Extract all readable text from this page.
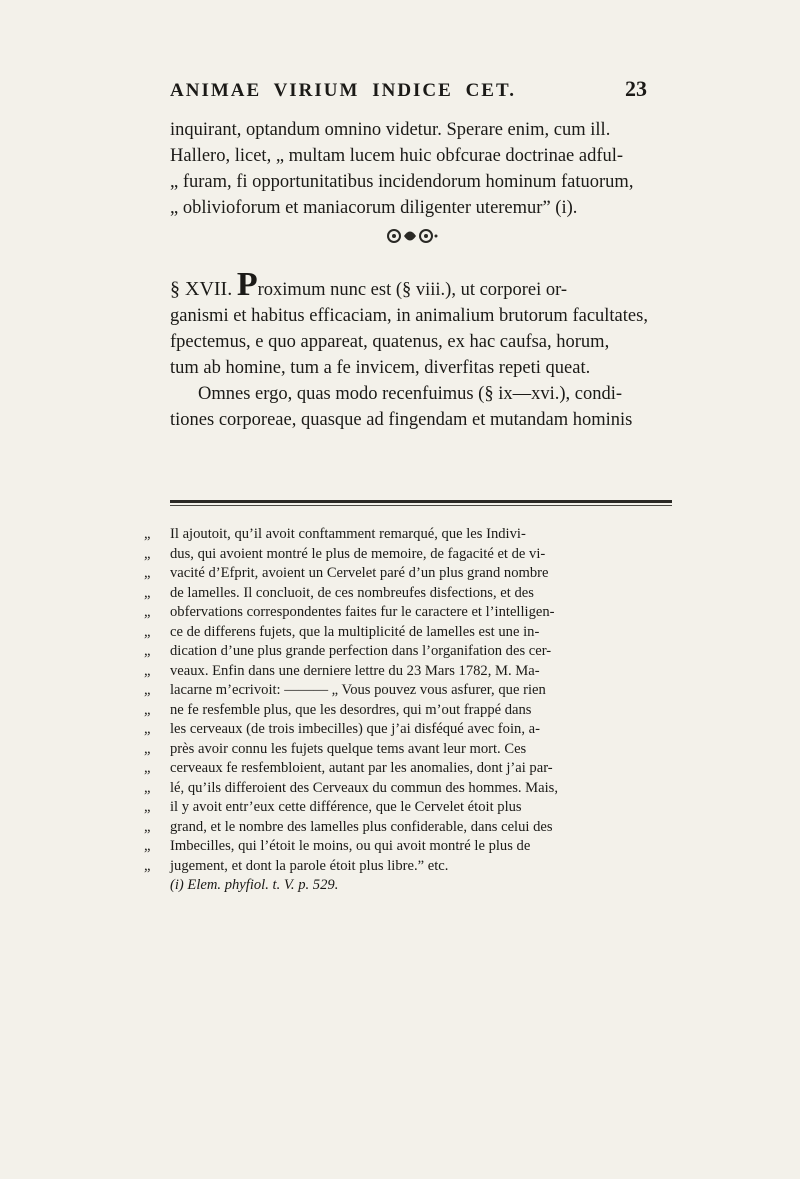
ANIMAE VIRIUM INDICE CET.	23
inquirant, optandum omnino videtur. Sperare enim, cum ill.
Hallero, licet, „ multam lucem huic obfcurae doctrinae adful-
„ furam, fi opportunitatibus incidendorum hominum fatuorum,
„ oblivioforum et maniacorum diligenter uteremur” (i).
§ XVII. Proximum nunc est (§ viii.), ut corporei or-
ganismi et habitus efficaciam, in animalium brutorum facultates,
fpectemus, e quo appareat, quatenus, ex hac caufsa, horum,
tum ab homine, tum a fe invicem, diverfitas repeti queat.
Omnes ergo, quas modo recenfuimus (§ ix—xvi.), condi-
tiones corporeae, quasque ad fingendam et mutandam hominis
„ Il ajoutoit, qu’il avoit conftamment remarqué, que les Indivi-
„ dus, qui avoient montré le plus de memoire, de fagacité et de vi-
„ vacité d’Efprit, avoient un Cervelet paré d’un plus grand nombre
„ de lamelles. Il concluoit, de ces nombreufes disfections, et des
„ obfervations correspondentes faites fur le caractere et l’intelligen-
„ ce de differens fujets, que la multiplicité de lamelles est une in-
„ dication d’une plus grande perfection dans l’organifation des cer-
„ veaux. Enfin dans une derniere lettre du 23 Mars 1782, M. Ma-
„ lacarne m’ecrivoit: ——— „ Vous pouvez vous asfurer, que rien
„ ne fe resfemble plus, que les desordres, qui m’out frappé dans
„ les cerveaux (de trois imbecilles) que j’ai disféqué avec foin, a-
„ près avoir connu les fujets quelque tems avant leur mort. Ces
„ cerveaux fe resfembloient, autant par les anomalies, dont j’ai par-
„ lé, qu’ils differoient des Cerveaux du commun des hommes. Mais,
„ il y avoit entr’eux cette différence, que le Cervelet étoit plus
„ grand, et le nombre des lamelles plus confiderable, dans celui des
„ Imbecilles, qui l’étoit le moins, ou qui avoit montré le plus de
„ jugement, et dont la parole étoit plus libre.” etc.
(i) Elem. phyfiol. t. V. p. 529.
